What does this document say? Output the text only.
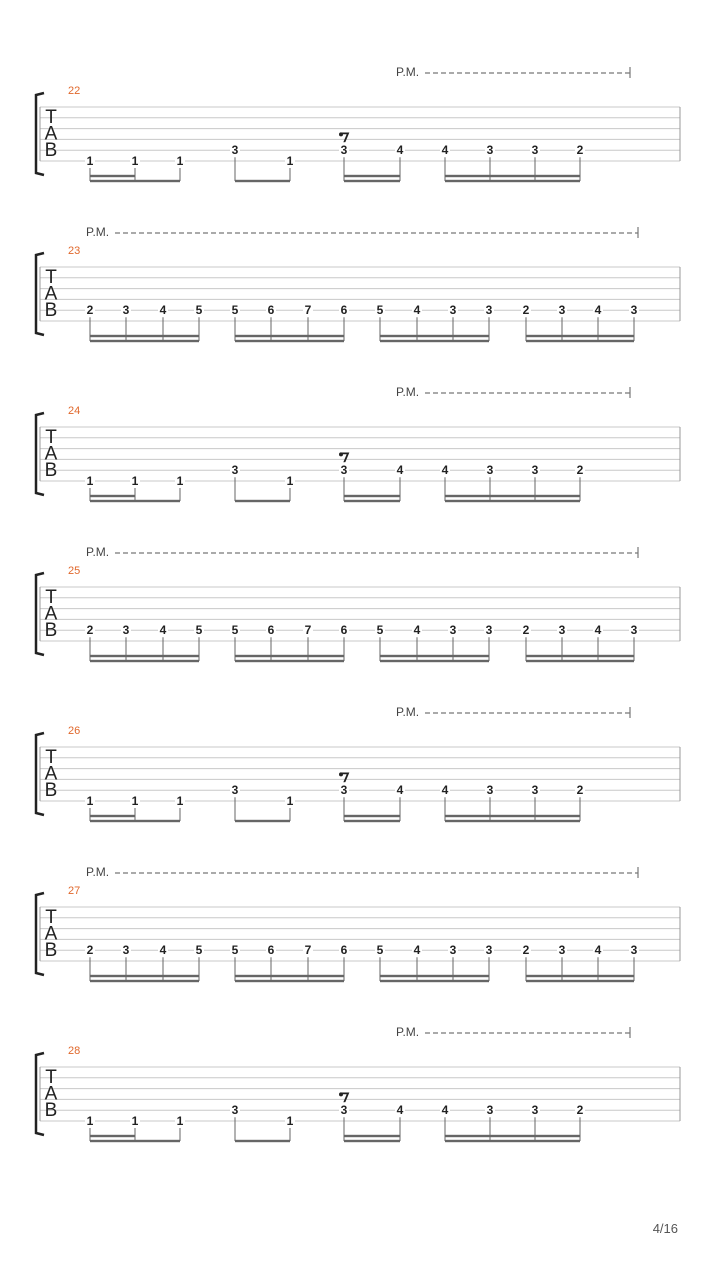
T
A
B
22
P.M.
1	1	1
3
1
3	4	4	3	3	2
T
A
B
23
P.M.
2 3	4 5 5 6	7 6 5	4 3 3	2 3 4 3
T
A
B
24
P.M.
1	1	1
3
1
3	4	4	3	3	2
T
A
B
25
P.M.
2 3	4 5 5 6	7 6 5	4 3 3	2 3 4 3
T
A
B
26
P.M.
1	1	1
3
1
3	4	4	3	3	2
T
A
B
27
P.M.
2 3	4 5 5 6	7 6 5	4 3 3	2 3 4 3
T
A
B
28
P.M.
1	1	1
3
1
3	4	4	3	3	2
4/16
